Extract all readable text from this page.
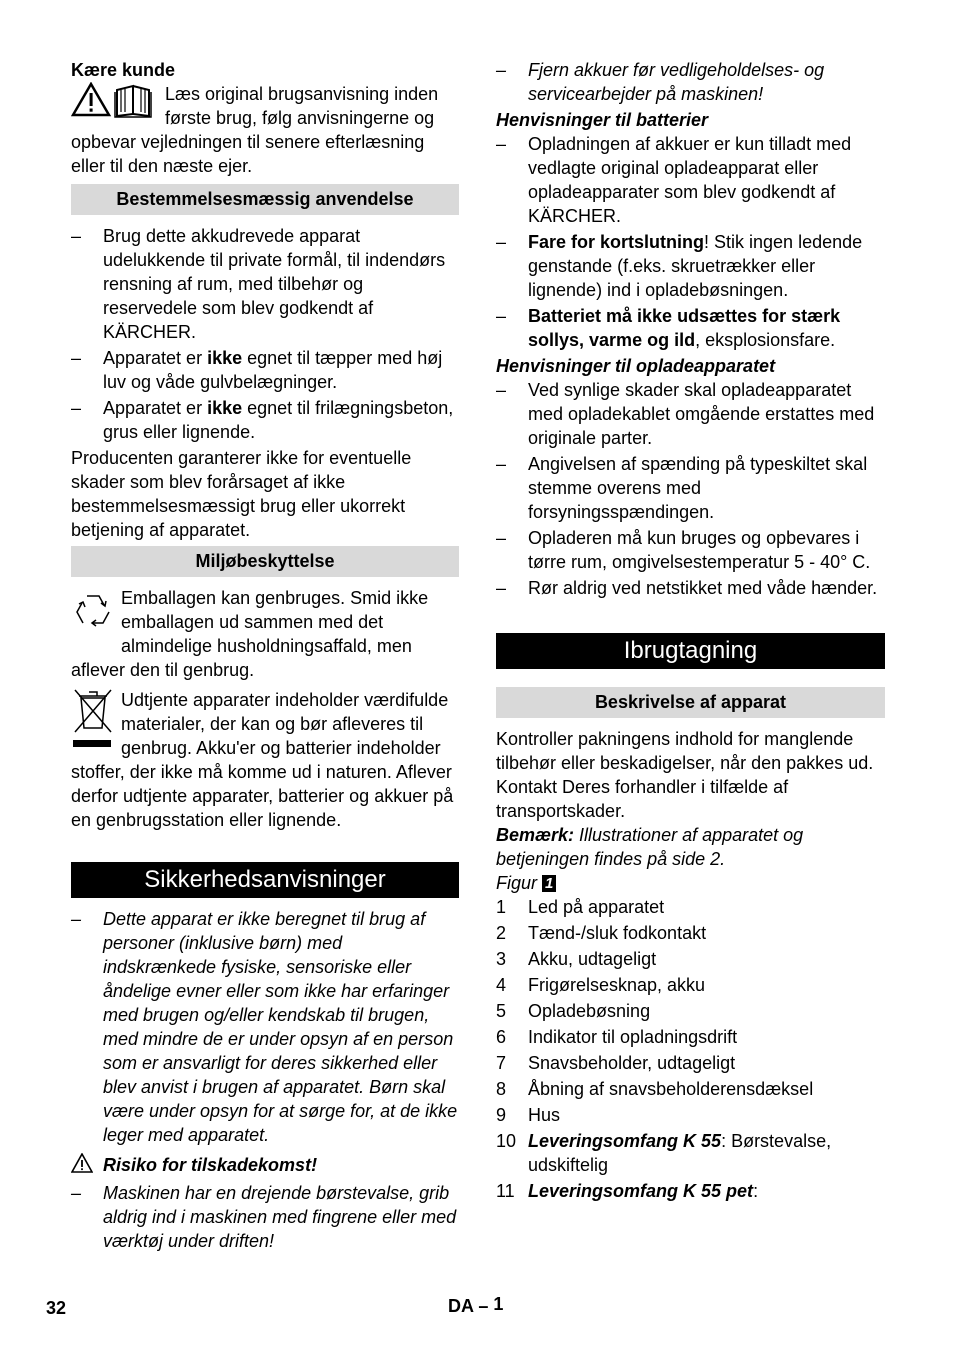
Kære kunde

Læs original brugsanvisning inden første brug, følg anvisningerne og opbevar vejledningen til senere efterlæsning eller til den næste ejer.

Bestemmelsesmæssig anvendelse
– Brug dette akkudrevede apparat udelukkende til private formål, til indendørs rensning af rum, med tilbehør og reservedele som blev godkendt af KÄRCHER.
– Apparatet er ikke egnet til tæpper med høj luv og våde gulvbelægninger.
– Apparatet er ikke egnet til frilægningsbeton, grus eller lignende.

Producenten garanterer ikke for eventuelle skader som blev forårsaget af ikke bestemmelsesmæssigt brug eller ukorrekt betjening af apparatet.

Miljøbeskyttelse

Emballagen kan genbruges. Smid ikke emballagen ud sammen med det almindelige husholdningsaffald, men aflever den til genbrug.

Udtjente apparater indeholder værdifulde materialer, der kan og bør afleveres til genbrug. Akku'er og batterier indeholder stoffer, der ikke må komme ud i naturen. Aflever derfor udtjente apparater, batterier og akkuer på en genbrugsstation eller lignende.

Sikkerhedsanvisninger
– Dette apparat er ikke beregnet til brug af personer (inklusive børn) med indskrænkede fysiske, sensoriske eller åndelige evner eller som ikke har erfaringer med brugen og/eller kendskab til brugen, med mindre de er under opsyn af en person som er ansvarligt for deres sikkerhed eller blev anvist i brugen af apparatet. Børn skal være under opsyn for at sørge for, at de ikke leger med apparatet.
Risiko for tilskadekomst!
– Maskinen har en drejende børstevalse, grib aldrig ind i maskinen med fingrene eller med værktøj under driften!
– Fjern akkuer før vedligeholdelses- og servicearbejder på maskinen!

Henvisninger til batterier

– Opladningen af akkuer er kun tilladt med vedlagte original opladeapparat eller opladeapparater som blev godkendt af KÄRCHER.
– Fare for kortslutning! Stik ingen ledende genstande (f.eks. skruetrækker eller lignende) ind i opladebøsningen.
– Batteriet må ikke udsættes for stærk sollys, varme og ild, eksplosionsfare.

Henvisninger til opladeapparatet

– Ved synlige skader skal opladeapparatet med opladekablet omgående erstattes med originale parter.
– Angivelsen af spænding på typeskiltet skal stemme overens med forsyningsspændingen.
– Opladeren må kun bruges og opbevares i tørre rum, omgivelsestemperatur 5 - 40° C.
– Rør aldrig ved netstikket med våde hænder.
Ibrugtagning
Beskrivelse af apparat

Kontroller pakningens indhold for manglende tilbehør eller beskadigelser, når den pakkes ud. Kontakt Deres forhandler i tilfælde af transportskader.

Bemærk: Illustrationer af apparatet og betjeningen findes på side 2.

Figur 1

1 Led på apparatet
2 Tænd-/sluk fodkontakt
3 Akku, udtageligt
4 Frigørelsesknap, akku
5 Opladebøsning
6 Indikator til opladningsdrift
7 Snavsbeholder, udtageligt
8 Åbning af snavsbeholderensdæksel
9 Hus
10 Leveringsomfang K 55: Børstevalse, udskiftelig
11 Leveringsomfang K 55 pet:
32	DA – 1
